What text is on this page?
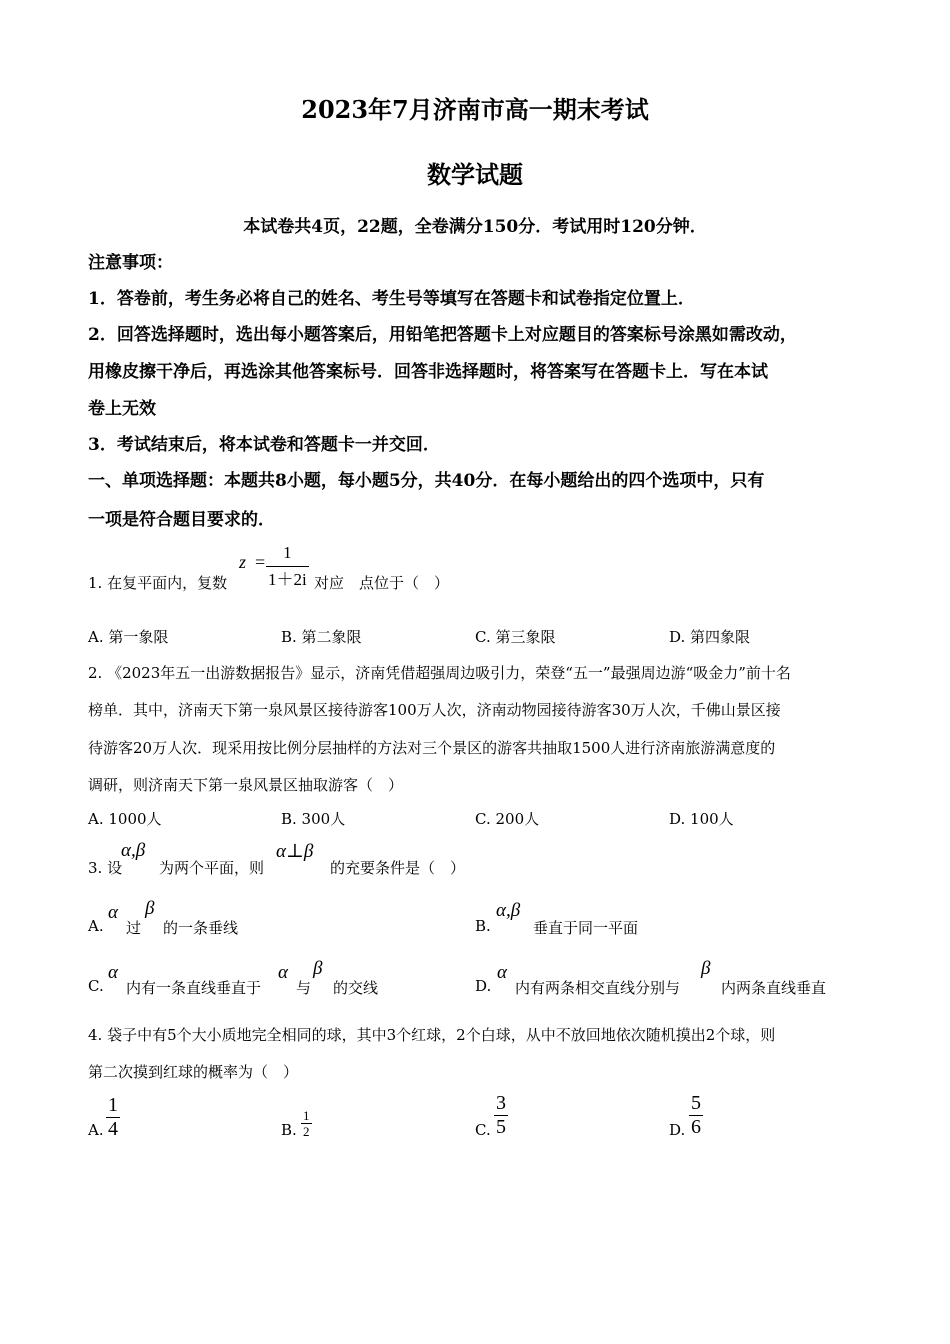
2023年7月济南市高一期末考试
数学试题
本试卷共4页，22题，全卷满分150分．考试用时120分钟．
注意事项：
1．答卷前，考生务必将自己的姓名、考生号等填写在答题卡和试卷指定位置上．
2．回答选择题时，选出每小题答案后，用铅笔把答题卡上对应题目的答案标号涂黑如需改动，
用橡皮擦干净后，再选涂其他答案标号．回答非选择题时，将答案写在答题卡上．写在本试
卷上无效
3．考试结束后，将本试卷和答题卡一并交回．
一、单项选择题：本题共8小题，每小题5分，共40分．在每小题给出的四个选项中，只有
一项是符合题目要求的．
1. 在复平面内，复数
$z = \frac{1}{1+2i}$ 对应　点位于（　）
A. 第一象限	B. 第二象限	C. 第三象限	D. 第四象限
2. 《2023年五一出游数据报告》显示，济南凭借超强周边吸引力，荣登“五一”最强周边游“吸金力”前十名
榜单．其中，济南天下第一泉风景区接待游客100万人次，济南动物园接待游客30万人次，千佛山景区接
待游客20万人次．现采用按比例分层抽样的方法对三个景区的游客共抽取1500人进行济南旅游满意度的
调研，则济南天下第一泉风景区抽取游客（　）
A. 1000人	B. 300人	C. 200人	D. 100人
3. 设
α,β
为两个平面，则
α⊥β
的充要条件是（　）
A.
α
过
β
的一条垂线	B.
α,β
垂直于同一平面
C.
α
内有一条直线垂直于
α
与
β
的交线	D.
α
内有两条相交直线分别与
β
内两条直线垂直
4. 袋子中有5个大小质地完全相同的球，其中3个红球，2个白球，从中不放回地依次随机摸出2个球，则
第二次摸到红球的概率为（　）
A. $\frac{1}{4}$	B. $\frac{1}{2}$	C. $\frac{3}{5}$	D. $\frac{5}{6}$
